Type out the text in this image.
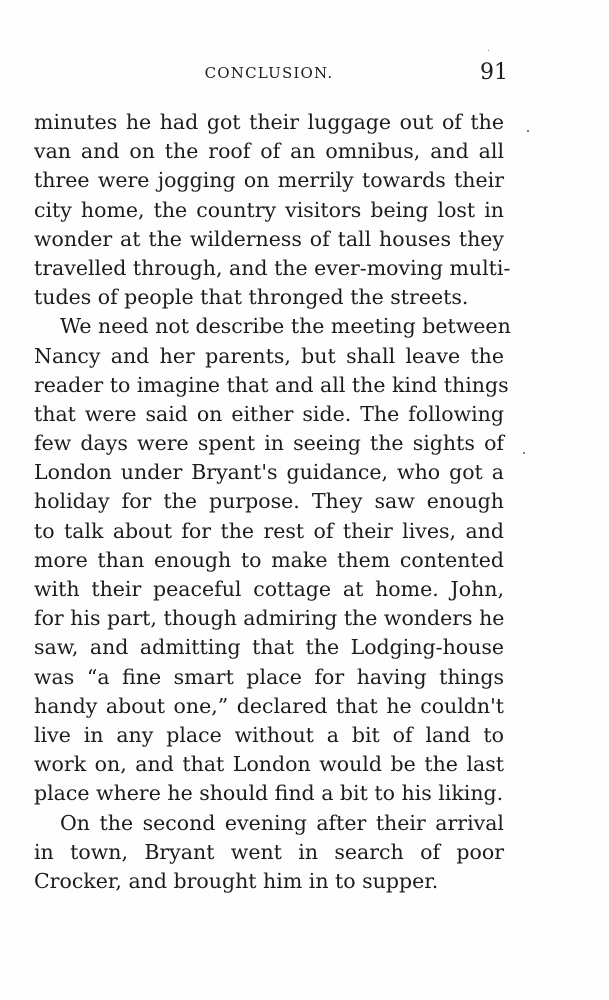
CONCLUSION.	91
minutes he had got their luggage out of the
van and on the roof of an omnibus, and all
three were jogging on merrily towards their
city home, the country visitors being lost in
wonder at the wilderness of tall houses they
travelled through, and the ever-moving multi-
tudes of people that thronged the streets.
We need not describe the meeting between
Nancy and her parents, but shall leave the
reader to imagine that and all the kind things
that were said on either side. The following
few days were spent in seeing the sights of
London under Bryant's guidance, who got a
holiday for the purpose. They saw enough
to talk about for the rest of their lives, and
more than enough to make them contented
with their peaceful cottage at home. John,
for his part, though admiring the wonders he
saw, and admitting that the Lodging-house
was “a fine smart place for having things
handy about one,” declared that he couldn't
live in any place without a bit of land to
work on, and that London would be the last
place where he should find a bit to his liking.
On the second evening after their arrival
in town, Bryant went in search of poor
Crocker, and brought him in to supper.
